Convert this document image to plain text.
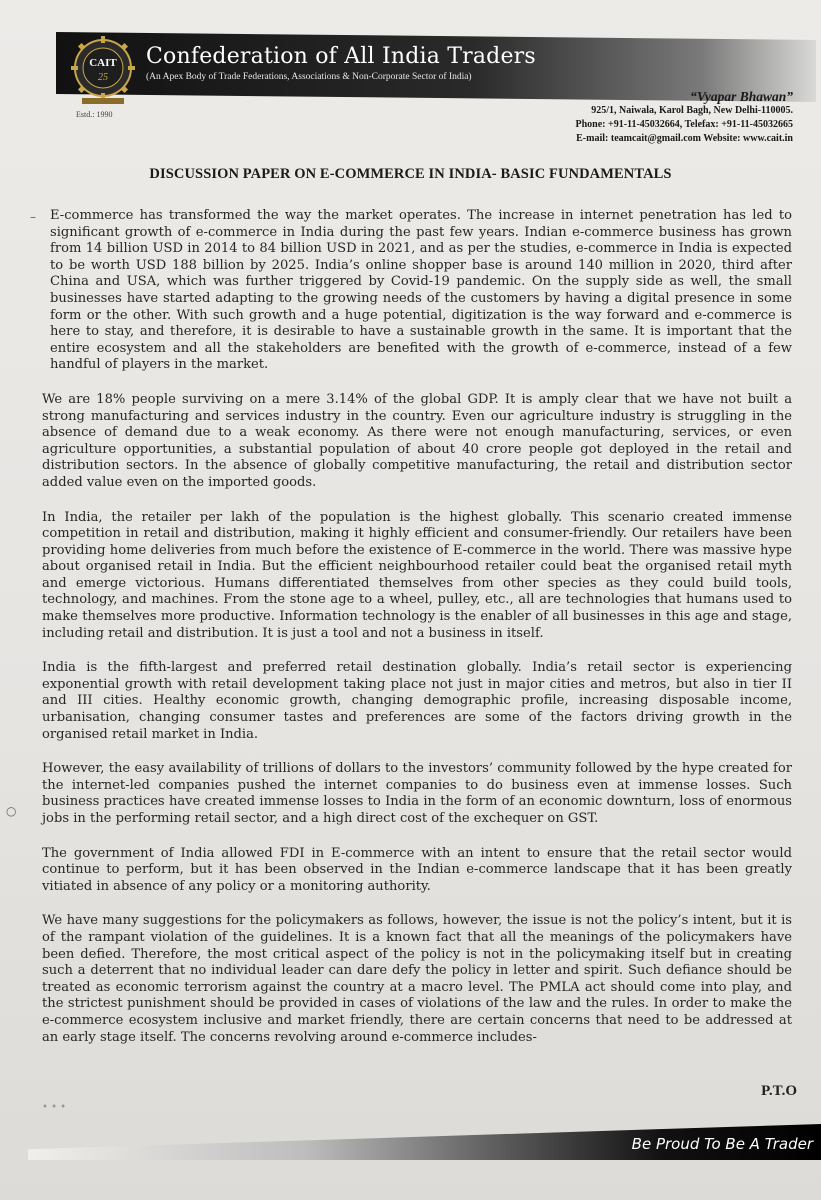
CAIT
25
Confederation of All India Traders
(An Apex Body of Trade Federations, Associations & Non-Corporate Sector of India)
Estd.: 1990
“Vyapar Bhawan”
925/1, Naiwala, Karol Bagh, New Delhi-110005.
Phone: +91-11-45032664, Telefax: +91-11-45032665
E-mail: teamcait@gmail.com Website: www.cait.in
DISCUSSION PAPER ON E-COMMERCE IN INDIA- BASIC FUNDAMENTALS

E-commerce has transformed the way the market operates. The increase in internet penetration has led to significant growth of e-commerce in India during the past few years. Indian e-commerce business has grown from 14 billion USD in 2014 to 84 billion USD in 2021, and as per the studies, e-commerce in India is expected to be worth USD 188 billion by 2025. India’s online shopper base is around 140 million in 2020, third after China and USA, which was further triggered by Covid-19 pandemic. On the supply side as well, the small businesses have started adapting to the growing needs of the customers by having a digital presence in some form or the other. With such growth and a huge potential, digitization is the way forward and e-commerce is here to stay, and therefore, it is desirable to have a sustainable growth in the same. It is important that the entire ecosystem and all the stakeholders are benefited with the growth of e-commerce, instead of a few handful of players in the market.

We are 18% people surviving on a mere 3.14% of the global GDP. It is amply clear that we have not built a strong manufacturing and services industry in the country. Even our agriculture industry is struggling in the absence of demand due to a weak economy. As there were not enough manufacturing, services, or even agriculture opportunities, a substantial population of about 40 crore people got deployed in the retail and distribution sectors. In the absence of globally competitive manufacturing, the retail and distribution sector added value even on the imported goods.

In India, the retailer per lakh of the population is the highest globally. This scenario created immense competition in retail and distribution, making it highly efficient and consumer-friendly. Our retailers have been providing home deliveries from much before the existence of E-commerce in the world. There was massive hype about organised retail in India. But the efficient neighbourhood retailer could beat the organised retail myth and emerge victorious. Humans differentiated themselves from other species as they could build tools, technology, and machines. From the stone age to a wheel, pulley, etc., all are technologies that humans used to make themselves more productive. Information technology is the enabler of all businesses in this age and stage, including retail and distribution. It is just a tool and not a business in itself.

India is the fifth-largest and preferred retail destination globally. India’s retail sector is experiencing exponential growth with retail development taking place not just in major cities and metros, but also in tier II and III cities. Healthy economic growth, changing demographic profile, increasing disposable income, urbanisation, changing consumer tastes and preferences are some of the factors driving growth in the organised retail market in India.

However, the easy availability of trillions of dollars to the investors’ community followed by the hype created for the internet-led companies pushed the internet companies to do business even at immense losses. Such business practices have created immense losses to India in the form of an economic downturn, loss of enormous jobs in the performing retail sector, and a high direct cost of the exchequer on GST.

The government of India allowed FDI in E-commerce with an intent to ensure that the retail sector would continue to perform, but it has been observed in the Indian e-commerce landscape that it has been greatly vitiated in absence of any policy or a monitoring authority.

We have many suggestions for the policymakers as follows, however, the issue is not the policy’s intent, but it is of the rampant violation of the guidelines. It is a known fact that all the meanings of the policymakers have been defied. Therefore, the most critical aspect of the policy is not in the policymaking itself but in creating such a deterrent that no individual leader can dare defy the policy in letter and spirit. Such defiance should be treated as economic terrorism against the country at a macro level. The PMLA act should come into play, and the strictest punishment should be provided in cases of violations of the law and the rules. In order to make the e-commerce ecosystem inclusive and market friendly, there are certain concerns that need to be addressed at an early stage itself. The concerns revolving around e-commerce includes-

–
○
P.T.O
• • •
Be Proud To Be A Trader
